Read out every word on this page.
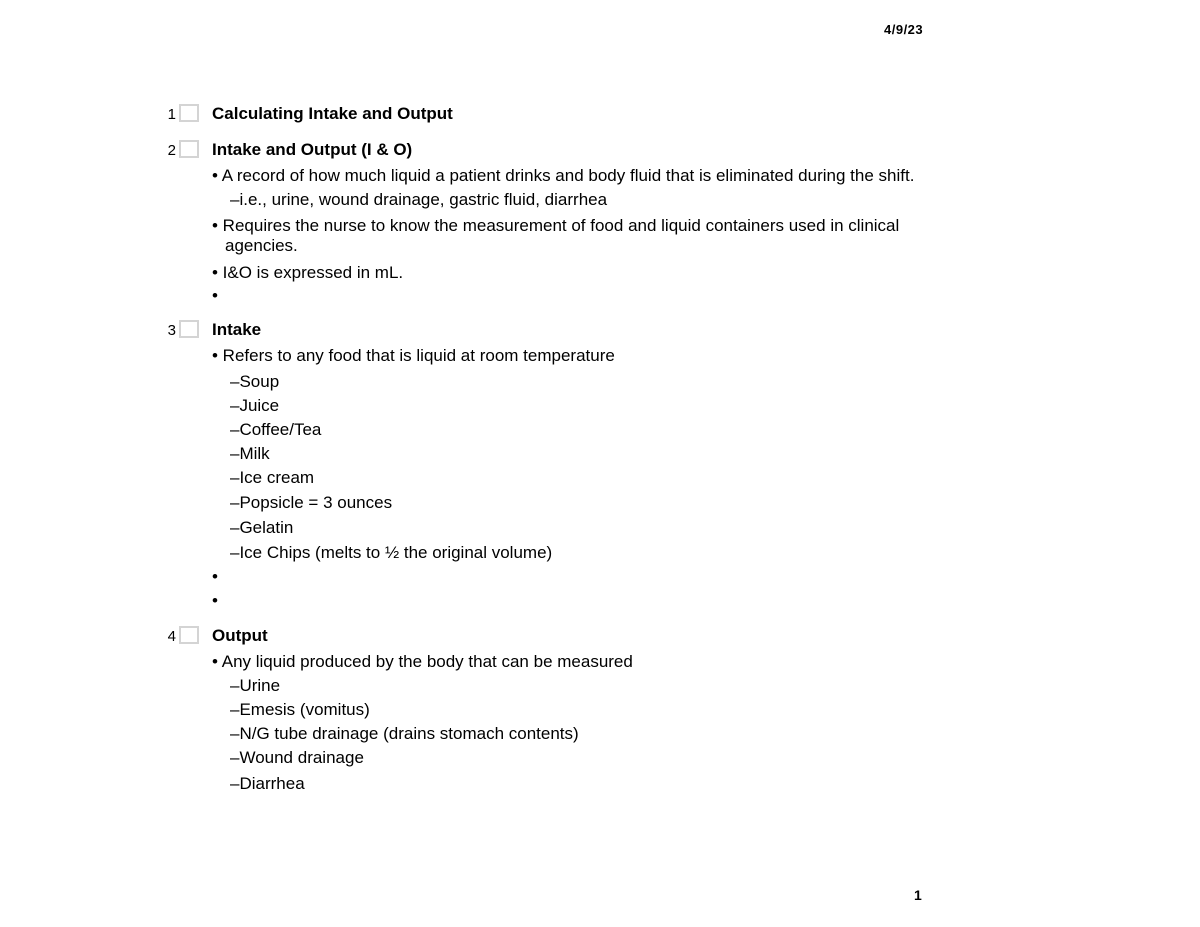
4/9/23
1 Calculating Intake and Output
2 Intake and Output (I & O)
• A record of how much liquid a patient drinks and body fluid that is eliminated during the shift.
–i.e., urine, wound drainage, gastric fluid, diarrhea
• Requires the nurse to know the measurement of food and liquid containers used in clinical
agencies.
• I&O is expressed in mL.
•
3 Intake
• Refers to any food that is liquid at room temperature
–Soup
–Juice
–Coffee/Tea
–Milk
–Ice cream
–Popsicle = 3 ounces
–Gelatin
–Ice Chips (melts to ½ the original volume)
•
•
4 Output
• Any liquid produced by the body that can be measured
–Urine
–Emesis (vomitus)
–N/G tube drainage (drains stomach contents)
–Wound drainage
–Diarrhea
1
